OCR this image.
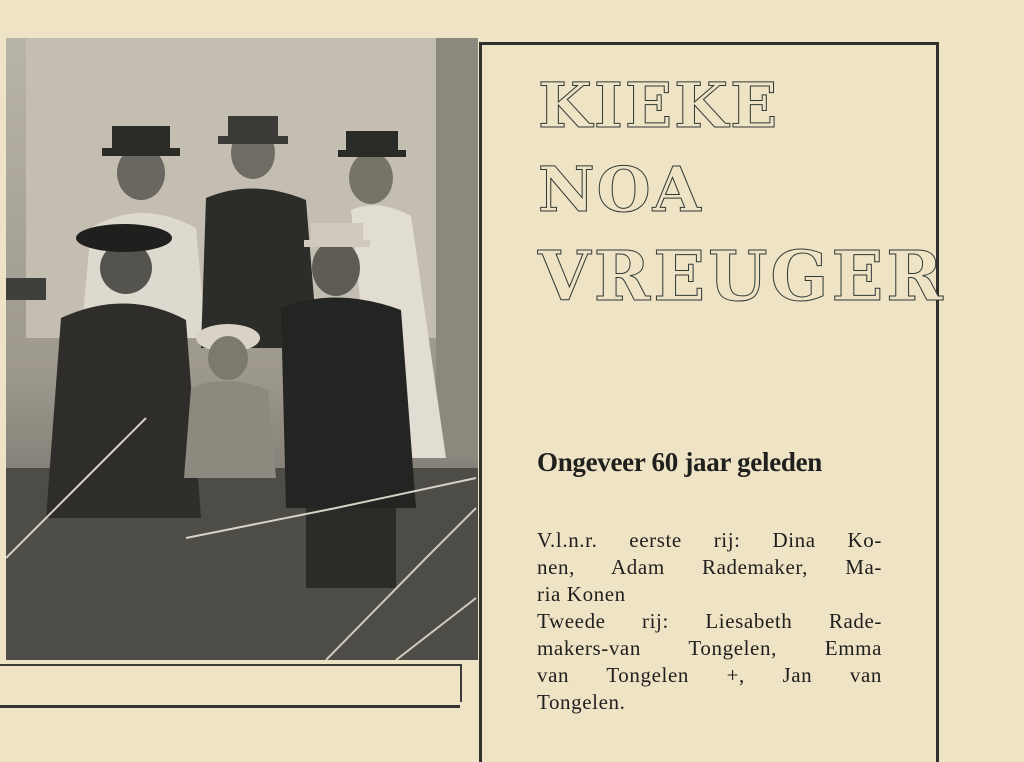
KIEKE
NOA
VREUGER
Ongeveer 60 jaar geleden
V.l.n.r. eerste rij: Dina Ko-
nen, Adam Rademaker, Ma-
ria Konen
Tweede rij: Liesabeth Rade-
makers-van Tongelen, Emma
van Tongelen +, Jan van
Tongelen.
